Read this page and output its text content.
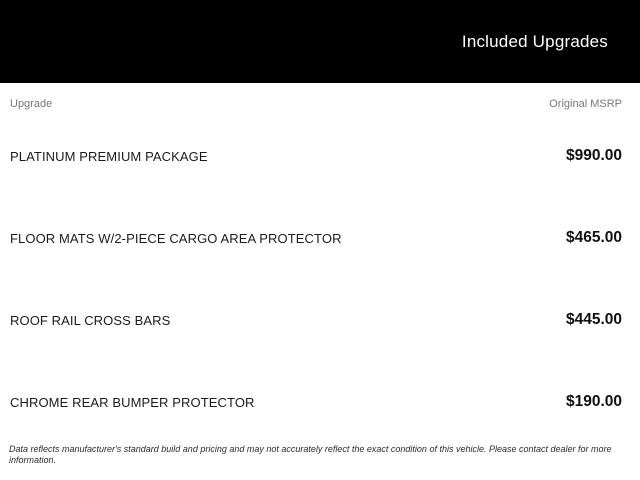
Included Upgrades
Upgrade	Original MSRP
PLATINUM PREMIUM PACKAGE	$990.00
FLOOR MATS W/2-PIECE CARGO AREA PROTECTOR	$465.00
ROOF RAIL CROSS BARS	$445.00
CHROME REAR BUMPER PROTECTOR	$190.00
Data reflects manufacturer's standard build and pricing and may not accurately reflect the exact condition of this vehicle. Please contact dealer for more information.
